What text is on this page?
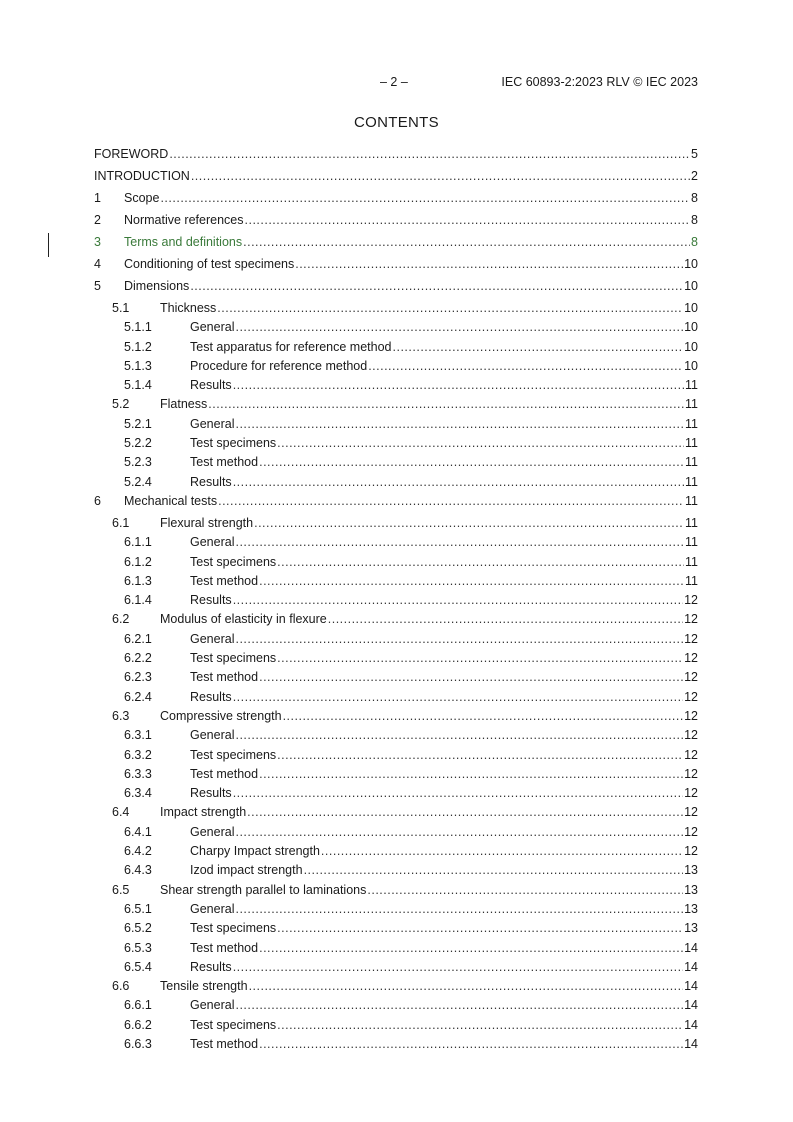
– 2 –	IEC 60893-2:2023 RLV © IEC 2023
CONTENTS
FOREWORD .....	5
INTRODUCTION .....	2
1	Scope .....	8
2	Normative references .....	8
3	Terms and definitions .....	8
4	Conditioning of test specimens .....	10
5	Dimensions .....	10
5.1	Thickness .....	10
5.1.1	General .....	10
5.1.2	Test apparatus for reference method .....	10
5.1.3	Procedure for reference method .....	10
5.1.4	Results .....	11
5.2	Flatness .....	11
5.2.1	General .....	11
5.2.2	Test specimens .....	11
5.2.3	Test method .....	11
5.2.4	Results .....	11
6	Mechanical tests .....	11
6.1	Flexural strength .....	11
6.1.1	General .....	11
6.1.2	Test specimens .....	11
6.1.3	Test method .....	11
6.1.4	Results .....	12
6.2	Modulus of elasticity in flexure .....	12
6.2.1	General .....	12
6.2.2	Test specimens .....	12
6.2.3	Test method .....	12
6.2.4	Results .....	12
6.3	Compressive strength .....	12
6.3.1	General .....	12
6.3.2	Test specimens .....	12
6.3.3	Test method .....	12
6.3.4	Results .....	12
6.4	Impact strength .....	12
6.4.1	General .....	12
6.4.2	Charpy Impact strength .....	12
6.4.3	Izod impact strength .....	13
6.5	Shear strength parallel to laminations .....	13
6.5.1	General .....	13
6.5.2	Test specimens .....	13
6.5.3	Test method .....	14
6.5.4	Results .....	14
6.6	Tensile strength .....	14
6.6.1	General .....	14
6.6.2	Test specimens .....	14
6.6.3	Test method .....	14
